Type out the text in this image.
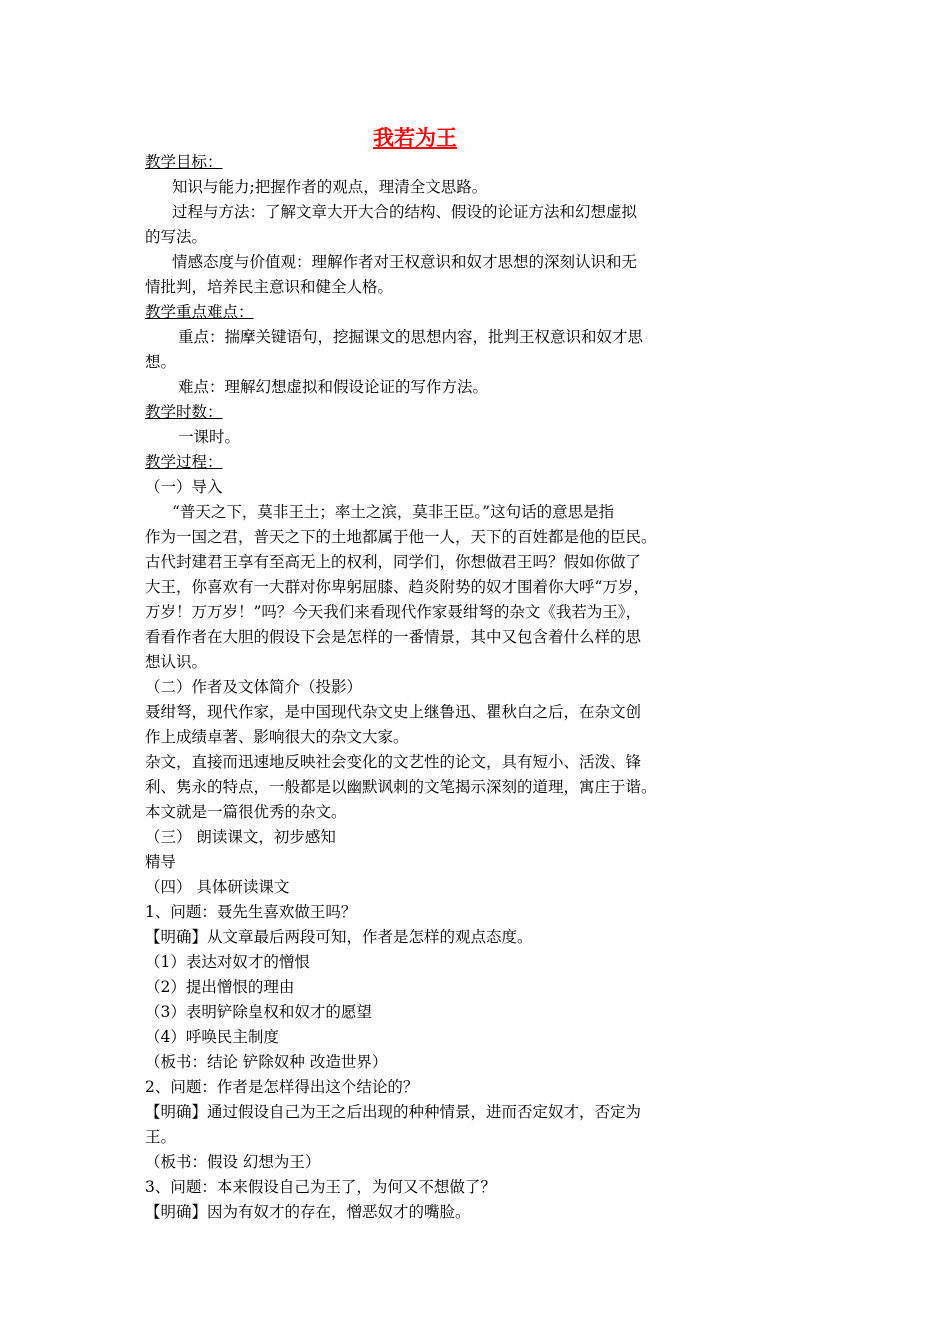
我若为王
教学目标：
知识与能力;把握作者的观点，理清全文思路。
过程与方法：了解文章大开大合的结构、假设的论证方法和幻想虚拟
的写法。
情感态度与价值观：理解作者对王权意识和奴才思想的深刻认识和无
情批判，培养民主意识和健全人格。
教学重点难点：
重点：揣摩关键语句，挖掘课文的思想内容，批判王权意识和奴才思
想。
难点：理解幻想虚拟和假设论证的写作方法。
教学时数：
一课时。
教学过程：
（一）导入
“普天之下，莫非王土；率土之滨，莫非王臣。”这句话的意思是指
作为一国之君，普天之下的土地都属于他一人，天下的百姓都是他的臣民。
古代封建君王享有至高无上的权利，同学们，你想做君王吗？假如你做了
大王，你喜欢有一大群对你卑躬屈膝、趋炎附势的奴才围着你大呼“万岁，
万岁！万万岁！”吗？今天我们来看现代作家聂绀弩的杂文《我若为王》，
看看作者在大胆的假设下会是怎样的一番情景，其中又包含着什么样的思
想认识。
（二）作者及文体简介（投影）
聂绀弩，现代作家，是中国现代杂文史上继鲁迅、瞿秋白之后，在杂文创
作上成绩卓著、影响很大的杂文大家。
杂文，直接而迅速地反映社会变化的文艺性的论文，具有短小、活泼、锋
利、隽永的特点，一般都是以幽默讽刺的文笔揭示深刻的道理，寓庄于谐。
本文就是一篇很优秀的杂文。
（三） 朗读课文，初步感知
精导
（四） 具体研读课文
1、问题：聂先生喜欢做王吗？
【明确】从文章最后两段可知，作者是怎样的观点态度。
（1）表达对奴才的憎恨
（2）提出憎恨的理由
（3）表明铲除皇权和奴才的愿望
（4）呼唤民主制度
（板书：结论 铲除奴种 改造世界）
2、问题：作者是怎样得出这个结论的？
【明确】通过假设自己为王之后出现的种种情景，进而否定奴才，否定为
王。
（板书：假设 幻想为王）
3、问题：本来假设自己为王了，为何又不想做了？
【明确】因为有奴才的存在，憎恶奴才的嘴脸。
